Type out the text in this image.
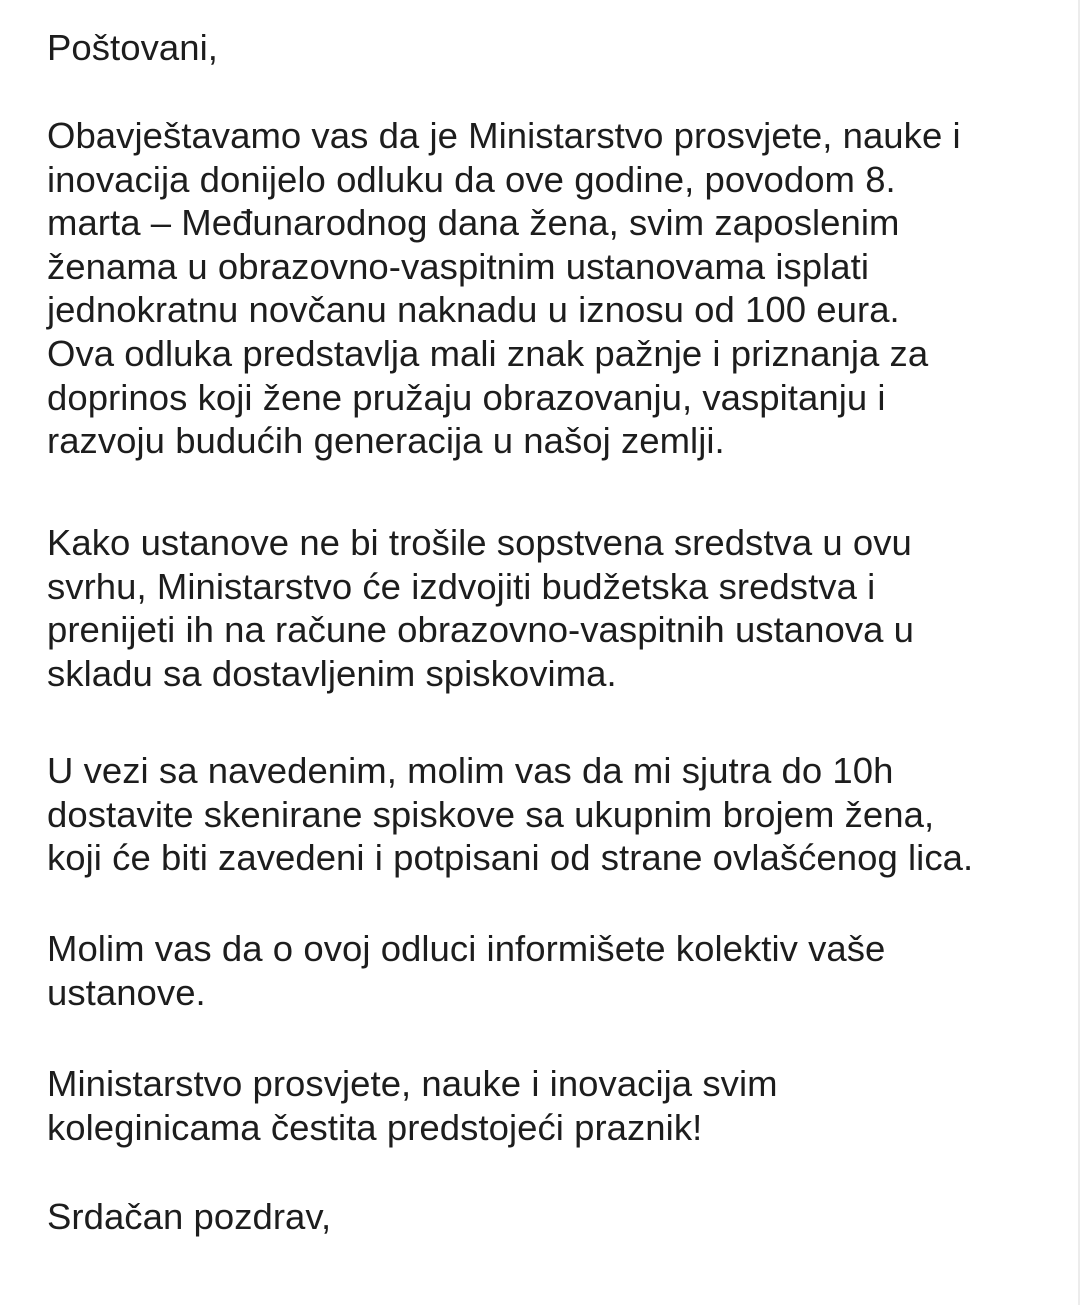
Poštovani,
Obavještavamo vas da je Ministarstvo prosvjete, nauke i
inovacija donijelo odluku da ove godine, povodom 8.
marta – Međunarodnog dana žena, svim zaposlenim
ženama u obrazovno-vaspitnim ustanovama isplati
jednokratnu novčanu naknadu u iznosu od 100 eura.
Ova odluka predstavlja mali znak pažnje i priznanja za
doprinos koji žene pružaju obrazovanju, vaspitanju i
razvoju budućih generacija u našoj zemlji.
Kako ustanove ne bi trošile sopstvena sredstva u ovu
svrhu, Ministarstvo će izdvojiti budžetska sredstva i
prenijeti ih na račune obrazovno-vaspitnih ustanova u
skladu sa dostavljenim spiskovima.
U vezi sa navedenim, molim vas da mi sjutra do 10h
dostavite skenirane spiskove sa ukupnim brojem žena,
koji će biti zavedeni i potpisani od strane ovlašćenog lica.
Molim vas da o ovoj odluci informišete kolektiv vaše
ustanove.
Ministarstvo prosvjete, nauke i inovacija svim
koleginicama čestita predstojeći praznik!
Srdačan pozdrav,
